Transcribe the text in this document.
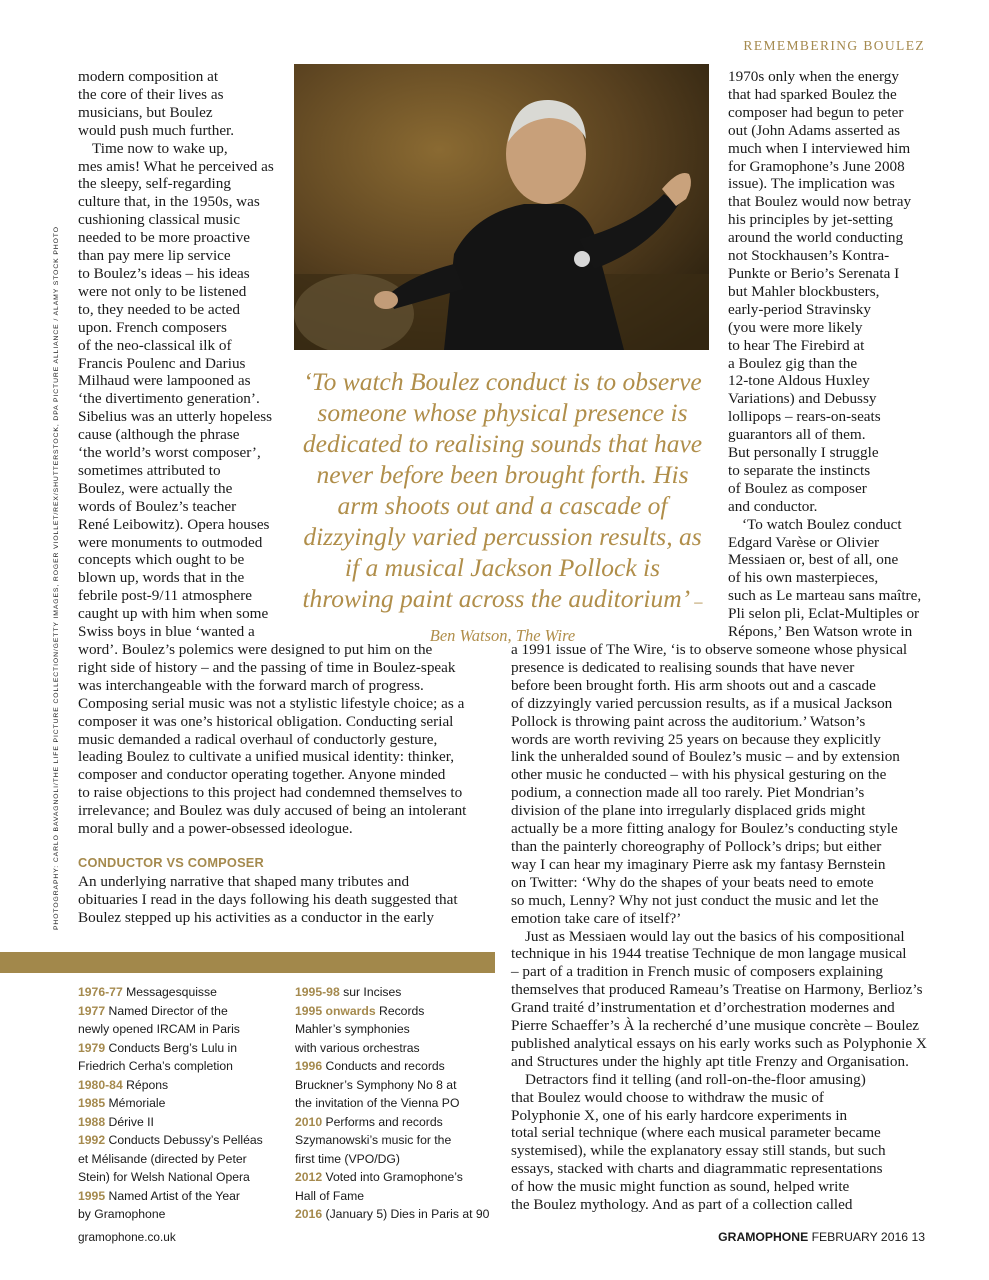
REMEMBERING BOULEZ
PHOTOGRAPHY: CARLO BAVAGNOLI/THE LIFE PICTURE COLLECTION/GETTY IMAGES, ROGER VIOLLET/REX/SHUTTERSTOCK, DPA PICTURE ALLIANCE / ALAMY STOCK PHOTO

modern composition at

the core of their lives as

musicians, but Boulez

would push much further.

Time now to wake up,

mes amis! What he perceived as

the sleepy, self-regarding

culture that, in the 1950s, was

cushioning classical music

needed to be more proactive

than pay mere lip service

to Boulez’s ideas – his ideas

were not only to be listened

to, they needed to be acted

upon. French composers

of the neo-classical ilk of

Francis Poulenc and Darius

Milhaud were lampooned as

‘the divertimento generation’.

Sibelius was an utterly hopeless

cause (although the phrase

‘the world’s worst composer’,

sometimes attributed to

Boulez, were actually the

words of Boulez’s teacher

René Leibowitz). Opera houses

were monuments to outmoded

concepts which ought to be

blown up, words that in the

febrile post-9/11 atmosphere

caught up with him when some

Swiss boys in blue ‘wanted a

word’. Boulez’s polemics were designed to put him on the

right side of history – and the passing of time in Boulez-speak

was interchangeable with the forward march of progress.

Composing serial music was not a stylistic lifestyle choice; as a

composer it was one’s historical obligation. Conducting serial

music demanded a radical overhaul of conductorly gesture,

leading Boulez to cultivate a unified musical identity: thinker,

composer and conductor operating together. Anyone minded

to raise objections to this project had condemned themselves to

irrelevance; and Boulez was duly accused of being an intolerant

moral bully and a power-obsessed ideologue.

CONDUCTOR VS COMPOSER

An underlying narrative that shaped many tributes and

obituaries I read in the days following his death suggested that

Boulez stepped up his activities as a conductor in the early

1976-77 Messagesquisse
1977 Named Director of the
newly opened IRCAM in Paris
1979 Conducts Berg’s Lulu in
Friedrich Cerha’s completion
1980-84 Répons
1985 Mémoriale
1988 Dérive II
1992 Conducts Debussy’s Pelléas
et Mélisande (directed by Peter
Stein) for Welsh National Opera
1995 Named Artist of the Year
by Gramophone
1995-98 sur Incises
1995 onwards Records
Mahler’s symphonies
with various orchestras
1996 Conducts and records
Bruckner’s Symphony No 8 at
the invitation of the Vienna PO
2010 Performs and records
Szymanowski’s music for the
first time (VPO/DG)
2012 Voted into Gramophone’s
Hall of Fame
2016 (January 5) Dies in Paris at 90

1970s only when the energy

that had sparked Boulez the

composer had begun to peter

out (John Adams asserted as

much when I interviewed him

for Gramophone’s June 2008

issue). The implication was

that Boulez would now betray

his principles by jet-setting

around the world conducting

not Stockhausen’s Kontra-

Punkte or Berio’s Serenata I

but Mahler blockbusters,

early-period Stravinsky

(you were more likely

to hear The Firebird at

a Boulez gig than the

12-tone Aldous Huxley

Variations) and Debussy

lollipops – rears-on-seats

guarantors all of them.

But personally I struggle

to separate the instincts

of Boulez as composer

and conductor.

‘To watch Boulez conduct

Edgard Varèse or Olivier

Messiaen or, best of all, one

of his own masterpieces,

such as Le marteau sans maître,

Pli selon pli, Eclat-Multiples or

Répons,’ Ben Watson wrote in

a 1991 issue of The Wire, ‘is to observe someone whose physical

presence is dedicated to realising sounds that have never

before been brought forth. His arm shoots out and a cascade

of dizzyingly varied percussion results, as if a musical Jackson

Pollock is throwing paint across the auditorium.’ Watson’s

words are worth reviving 25 years on because they explicitly

link the unheralded sound of Boulez’s music – and by extension

other music he conducted – with his physical gesturing on the

podium, a connection made all too rarely. Piet Mondrian’s

division of the plane into irregularly displaced grids might

actually be a more fitting analogy for Boulez’s conducting style

than the painterly choreography of Pollock’s drips; but either

way I can hear my imaginary Pierre ask my fantasy Bernstein

on Twitter: ‘Why do the shapes of your beats need to emote

so much, Lenny? Why not just conduct the music and let the

emotion take care of itself?’

Just as Messiaen would lay out the basics of his compositional

technique in his 1944 treatise Technique de mon langage musical

– part of a tradition in French music of composers explaining

themselves that produced Rameau’s Treatise on Harmony, Berlioz’s

Grand traité d’instrumentation et d’orchestration modernes and

Pierre Schaeffer’s À la recherché d’une musique concrète – Boulez

published analytical essays on his early works such as Polyphonie X

and Structures under the highly apt title Frenzy and Organisation.

Detractors find it telling (and roll-on-the-floor amusing)

that Boulez would choose to withdraw the music of

Polyphonie X, one of his early hardcore experiments in

total serial technique (where each musical parameter became

systemised), while the explanatory essay still stands, but such

essays, stacked with charts and diagrammatic representations

of how the music might function as sound, helped write

the Boulez mythology. And as part of a collection called

‘To watch Boulez conduct is to observe someone whose physical presence is dedicated to realising sounds that have never before been brought forth. His arm shoots out and a cascade of dizzyingly varied percussion results, as if a musical Jackson Pollock is throwing paint across the auditorium’ – Ben Watson, The Wire
gramophone.co.uk	GRAMOPHONE FEBRUARY 2016 13
